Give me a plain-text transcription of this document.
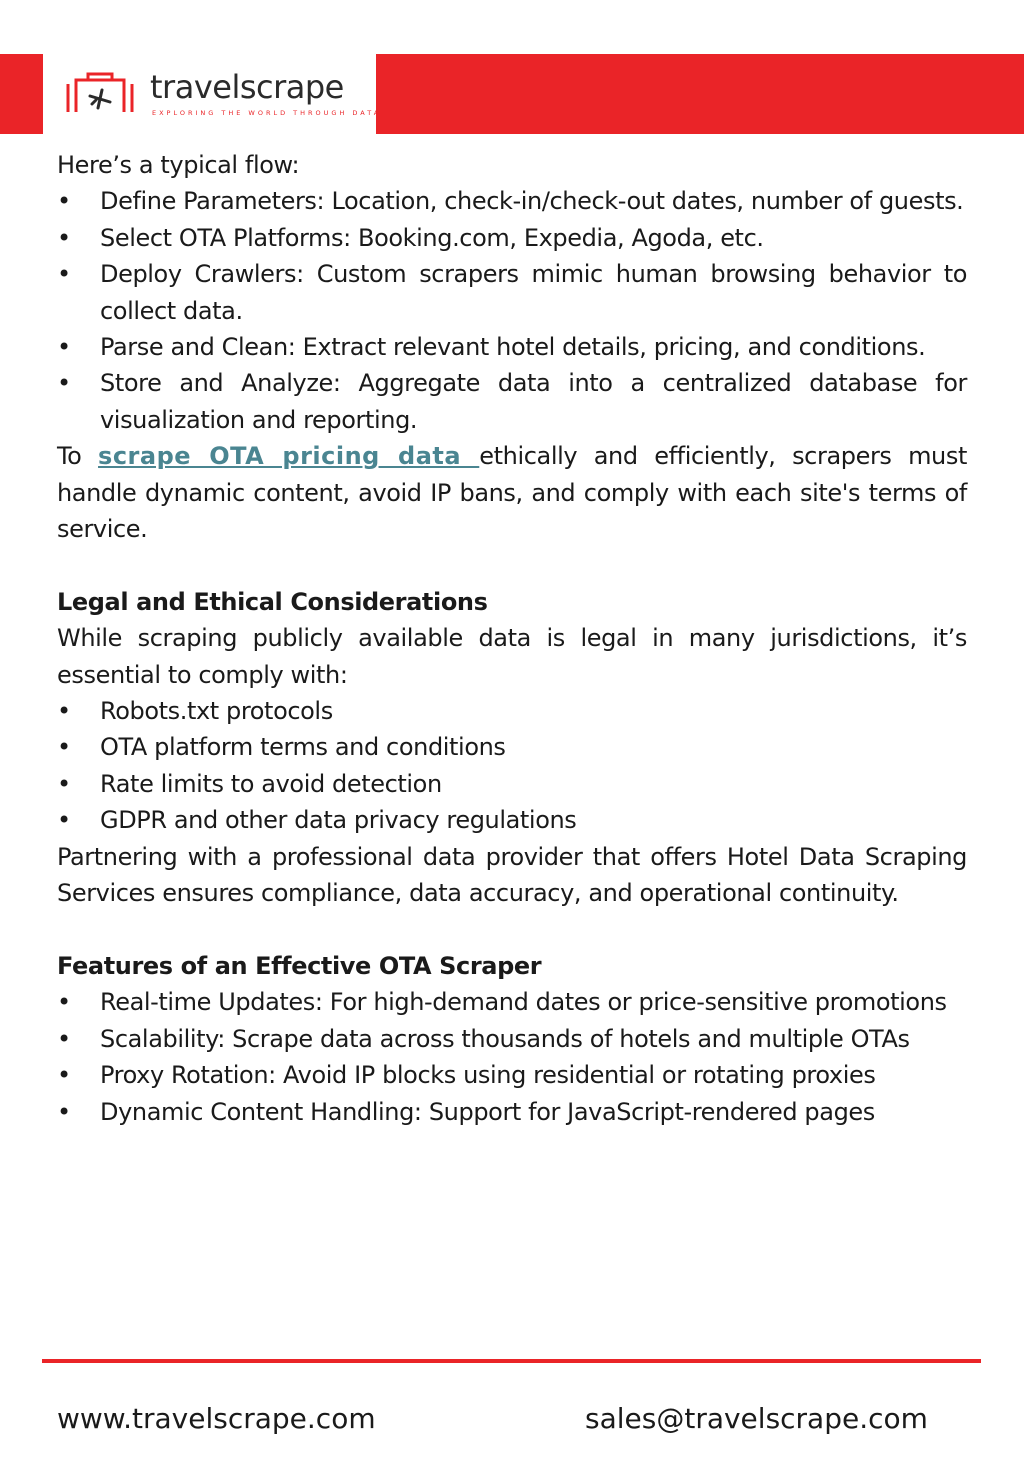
travelscrape
EXPLORING THE WORLD THROUGH DATA

Here’s a typical flow:

• Define Parameters: Location, check-in/check-out dates, number of guests.
• Select OTA Platforms: Booking.com, Expedia, Agoda, etc.
• Deploy Crawlers: Custom scrapers mimic human browsing behavior to collect data.
• Parse and Clean: Extract relevant hotel details, pricing, and conditions.
• Store and Analyze: Aggregate data into a centralized database for visualization and reporting.

To scrape OTA pricing data ethically and efficiently, scrapers must handle dynamic content, avoid IP bans, and comply with each site's terms of service.

Legal and Ethical Considerations

While scraping publicly available data is legal in many jurisdictions, it’s essential to comply with:

• Robots.txt protocols
• OTA platform terms and conditions
• Rate limits to avoid detection
• GDPR and other data privacy regulations

Partnering with a professional data provider that offers Hotel Data Scraping Services ensures compliance, data accuracy, and operational continuity.

Features of an Effective OTA Scraper

• Real-time Updates: For high-demand dates or price-sensitive promotions
• Scalability: Scrape data across thousands of hotels and multiple OTAs
• Proxy Rotation: Avoid IP blocks using residential or rotating proxies
• Dynamic Content Handling: Support for JavaScript-rendered pages
www.travelscrape.com	sales@travelscrape.com
